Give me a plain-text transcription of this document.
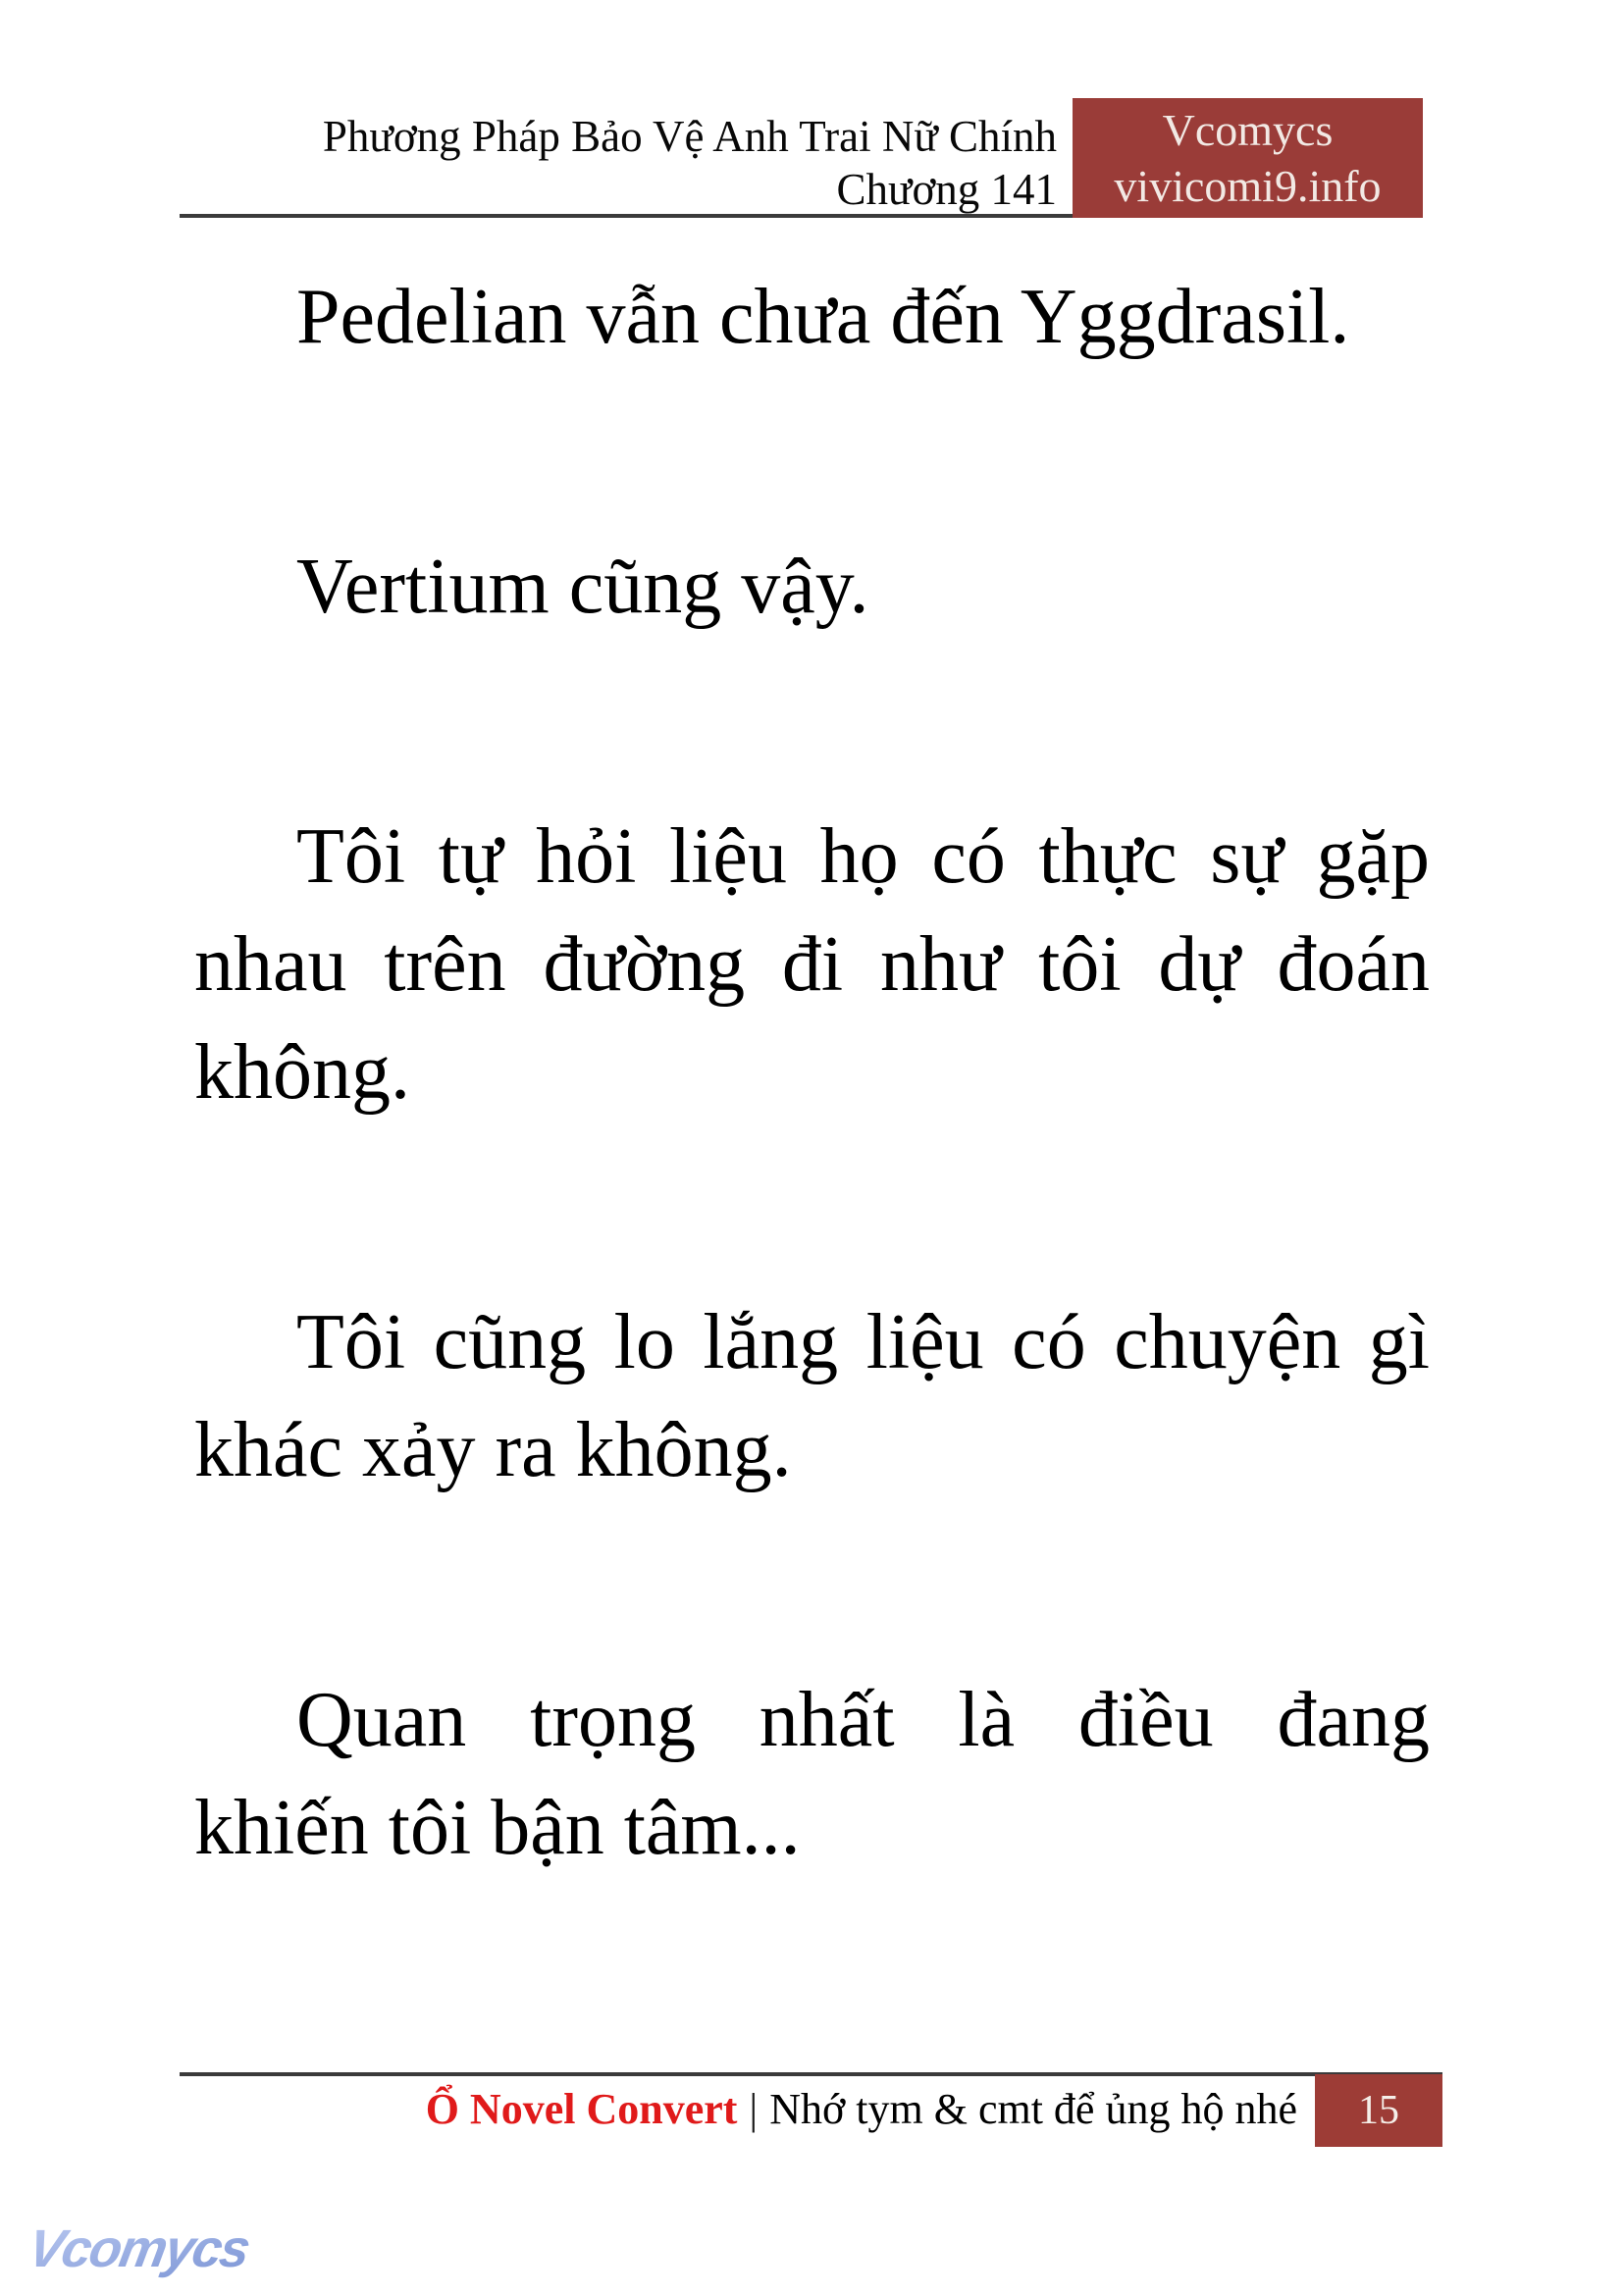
Phương Pháp Bảo Vệ Anh Trai Nữ Chính
Chương 141
Vcomycs
vivicomi9.info
Pedelian vẫn chưa đến Yggdrasil.
Vertium cũng vậy.
Tôi tự hỏi liệu họ có thực sự gặp
nhau trên đường đi như tôi dự đoán
không.
Tôi cũng lo lắng liệu có chuyện gì
khác xảy ra không.
Quan trọng nhất là điều đang
khiến tôi bận tâm...
Ổ Novel Convert | Nhớ tym & cmt để ủng hộ nhé 15
Vcomycs
